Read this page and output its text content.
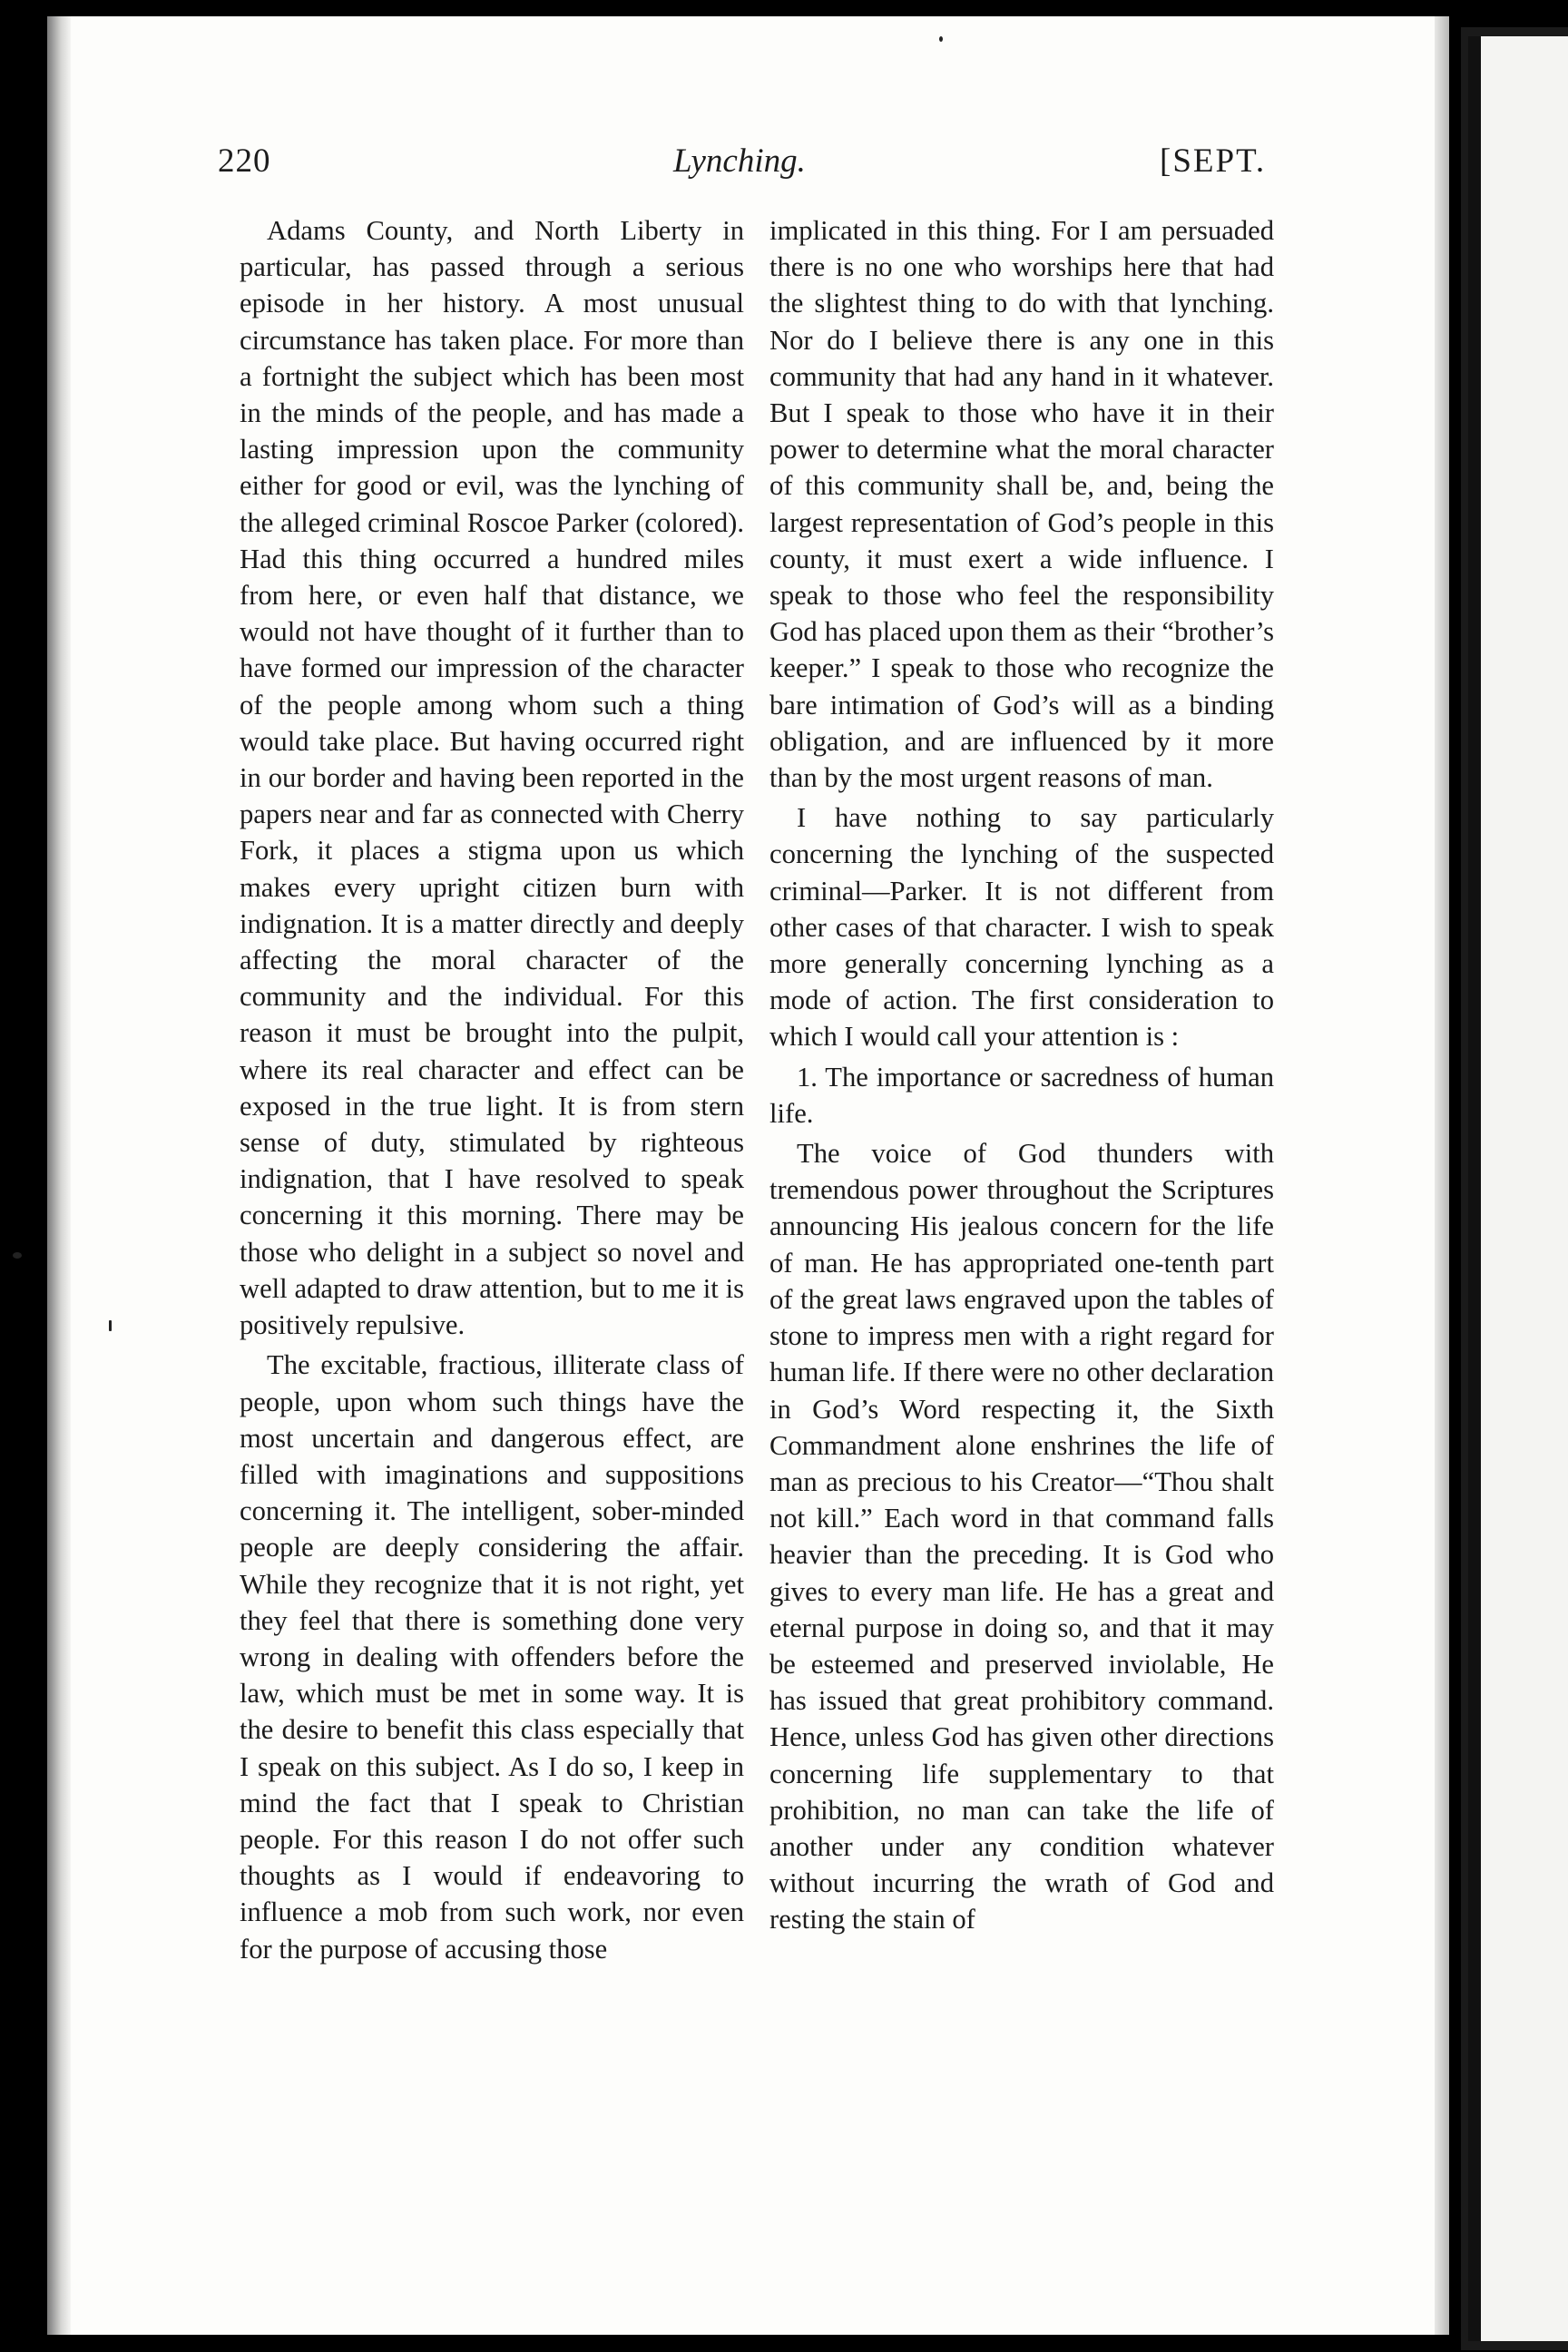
220	Lynching.	[SEPT.

Adams County, and North Liberty in particular, has passed through a serious episode in her history. A most unusual circumstance has taken place. For more than a fortnight the subject which has been most in the minds of the people, and has made a lasting impression upon the community either for good or evil, was the lynching of the alleged criminal Roscoe Parker (colored). Had this thing occurred a hundred miles from here, or even half that distance, we would not have thought of it further than to have formed our impression of the character of the people among whom such a thing would take place. But having occurred right in our border and having been reported in the papers near and far as connected with Cherry Fork, it places a stigma upon us which makes every upright citizen burn with indignation. It is a matter directly and deeply affecting the moral character of the community and the individual. For this reason it must be brought into the pulpit, where its real character and effect can be exposed in the true light. It is from stern sense of duty, stimulated by righteous indignation, that I have resolved to speak concerning it this morning. There may be those who delight in a subject so novel and well adapted to draw attention, but to me it is positively repulsive.

The excitable, fractious, illiterate class of people, upon whom such things have the most uncertain and dangerous effect, are filled with imaginations and suppositions concerning it. The intelligent, sober-minded people are deeply considering the affair. While they recognize that it is not right, yet they feel that there is something done very wrong in dealing with offenders before the law, which must be met in some way. It is the desire to benefit this class especially that I speak on this subject. As I do so, I keep in mind the fact that I speak to Christian people. For this reason I do not offer such thoughts as I would if endeavoring to influence a mob from such work, nor even for the purpose of accusing those

implicated in this thing. For I am persuaded there is no one who worships here that had the slightest thing to do with that lynching. Nor do I believe there is any one in this community that had any hand in it whatever. But I speak to those who have it in their power to determine what the moral character of this community shall be, and, being the largest representation of God’s people in this county, it must exert a wide influence. I speak to those who feel the responsibility God has placed upon them as their “brother’s keeper.” I speak to those who recognize the bare intimation of God’s will as a binding obligation, and are influenced by it more than by the most urgent reasons of man.

I have nothing to say particularly concerning the lynching of the suspected criminal—Parker. It is not different from other cases of that character. I wish to speak more generally concerning lynching as a mode of action. The first consideration to which I would call your attention is :

1. The importance or sacredness of human life.

The voice of God thunders with tremendous power throughout the Scriptures announcing His jealous concern for the life of man. He has appropriated one-tenth part of the great laws engraved upon the tables of stone to impress men with a right regard for human life. If there were no other declaration in God’s Word respecting it, the Sixth Commandment alone enshrines the life of man as precious to his Creator—“Thou shalt not kill.” Each word in that command falls heavier than the preceding. It is God who gives to every man life. He has a great and eternal purpose in doing so, and that it may be esteemed and preserved inviolable, He has issued that great prohibitory command. Hence, unless God has given other directions concerning life supplementary to that prohibition, no man can take the life of another under any condition whatever without incurring the wrath of God and resting the stain of
